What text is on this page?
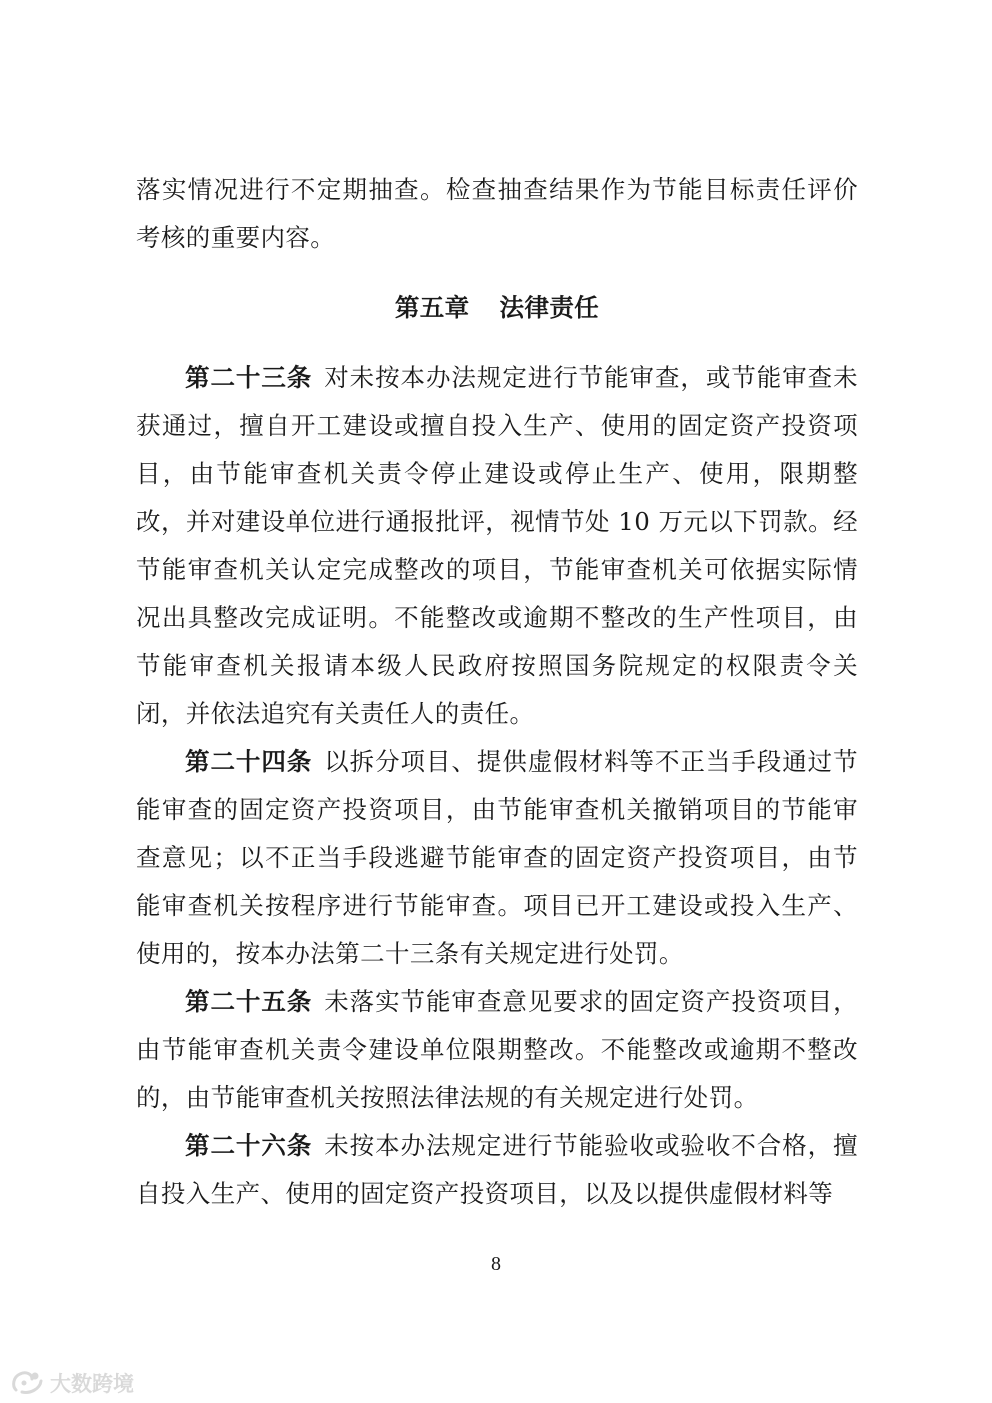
落实情况进行不定期抽查。检查抽查结果作为节能目标责任评价考核的重要内容。

第五章 法律责任

第二十三条 对未按本办法规定进行节能审查，或节能审查未获通过，擅自开工建设或擅自投入生产、使用的固定资产投资项目，由节能审查机关责令停止建设或停止生产、使用，限期整改，并对建设单位进行通报批评，视情节处 10 万元以下罚款。经节能审查机关认定完成整改的项目，节能审查机关可依据实际情况出具整改完成证明。不能整改或逾期不整改的生产性项目，由节能审查机关报请本级人民政府按照国务院规定的权限责令关闭，并依法追究有关责任人的责任。

第二十四条 以拆分项目、提供虚假材料等不正当手段通过节能审查的固定资产投资项目，由节能审查机关撤销项目的节能审查意见；以不正当手段逃避节能审查的固定资产投资项目，由节能审查机关按程序进行节能审查。项目已开工建设或投入生产、使用的，按本办法第二十三条有关规定进行处罚。

第二十五条 未落实节能审查意见要求的固定资产投资项目，由节能审查机关责令建设单位限期整改。不能整改或逾期不整改的，由节能审查机关按照法律法规的有关规定进行处罚。

第二十六条 未按本办法规定进行节能验收或验收不合格，擅自投入生产、使用的固定资产投资项目，以及以提供虚假材料等

8
大数跨境
